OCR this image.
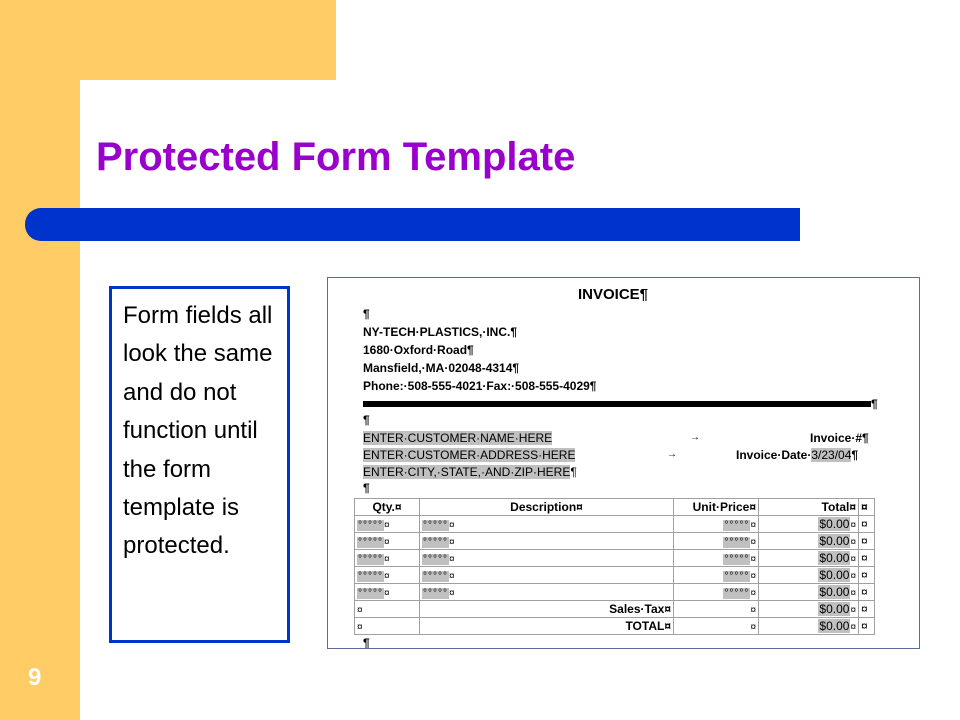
Protected Form Template
Form fields all look the same and do not function until the form template is protected.
INVOICE¶
¶
NY-TECH·PLASTICS,·INC.¶
1680·Oxford·Road¶
Mansfield,·MA·02048-4314¶
Phone:·508-555-4021·Fax:·508-555-4029¶
¶
¶
ENTER·CUSTOMER·NAME·HERE	→	Invoice·#¶
ENTER·CUSTOMER·ADDRESS·HERE	→	Invoice·Date·3/23/04¶
ENTER·CITY,·STATE,·AND·ZIP·HERE¶
¶
Qty.¤	Description¤	Unit·Price¤	Total¤	¤
°°°°°¤	°°°°°¤	°°°°°¤	$0.00¤	¤
°°°°°¤	°°°°°¤	°°°°°¤	$0.00¤	¤
°°°°°¤	°°°°°¤	°°°°°¤	$0.00¤	¤
°°°°°¤	°°°°°¤	°°°°°¤	$0.00¤	¤
°°°°°¤	°°°°°¤	°°°°°¤	$0.00¤	¤
¤	Sales·Tax¤	¤	$0.00¤	¤
¤	TOTAL¤	¤	$0.00¤	¤
¶
9
